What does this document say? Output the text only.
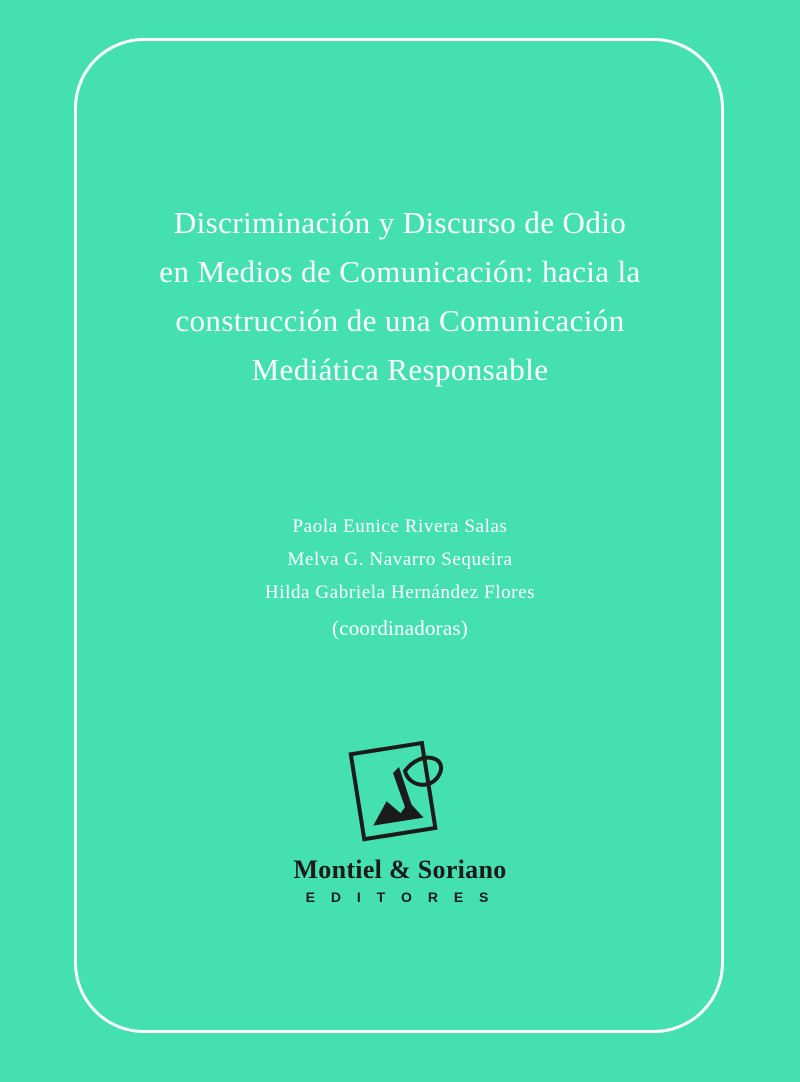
Discriminación y Discurso de Odio
en Medios de Comunicación: hacia la
construcción de una Comunicación
Mediática Responsable
Paola Eunice Rivera Salas
Melva G. Navarro Sequeira
Hilda Gabriela Hernández Flores
(coordinadoras)
Montiel & Soriano
E D I T O R E S
